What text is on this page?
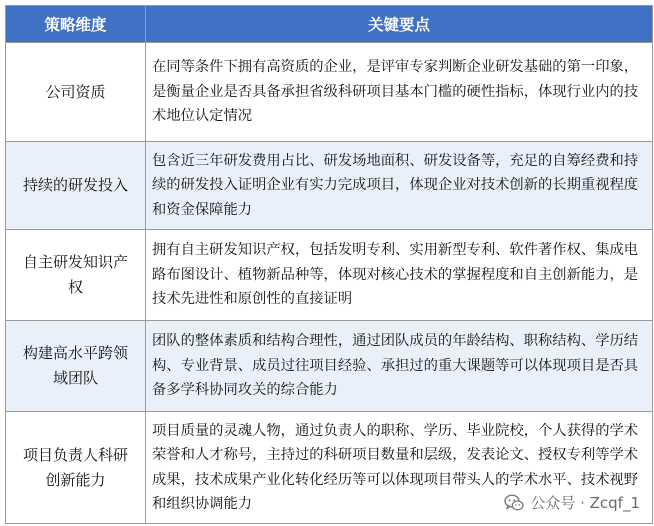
策略维度	关键要点
公司资质	在同等条件下拥有高资质的企业，是评审专家判断企业研发基础的第一印象，是衡量企业是否具备承担省级科研项目基本门槛的硬性指标，体现行业内的技术地位认定情况
持续的研发投入	包含近三年研发费用占比、研发场地面积、研发设备等，充足的自筹经费和持续的研发投入证明企业有实力完成项目，体现企业对技术创新的长期重视程度和资金保障能力
自主研发知识产权	拥有自主研发知识产权，包括发明专利、实用新型专利、软件著作权、集成电路布图设计、植物新品种等，体现对核心技术的掌握程度和自主创新能力，是技术先进性和原创性的直接证明
构建高水平跨领域团队	团队的整体素质和结构合理性，通过团队成员的年龄结构、职称结构、学历结构、专业背景、成员过往项目经验、承担过的重大课题等可以体现项目是否具备多学科协同攻关的综合能力
项目负责人科研创新能力	项目质量的灵魂人物，通过负责人的职称、学历、毕业院校，个人获得的学术荣誉和人才称号，主持过的科研项目数量和层级，发表论文、授权专利等学术成果，技术成果产业化转化经历等可以体现项目带头人的学术水平、技术视野和组织协调能力	公众号 · Zcqf_1
